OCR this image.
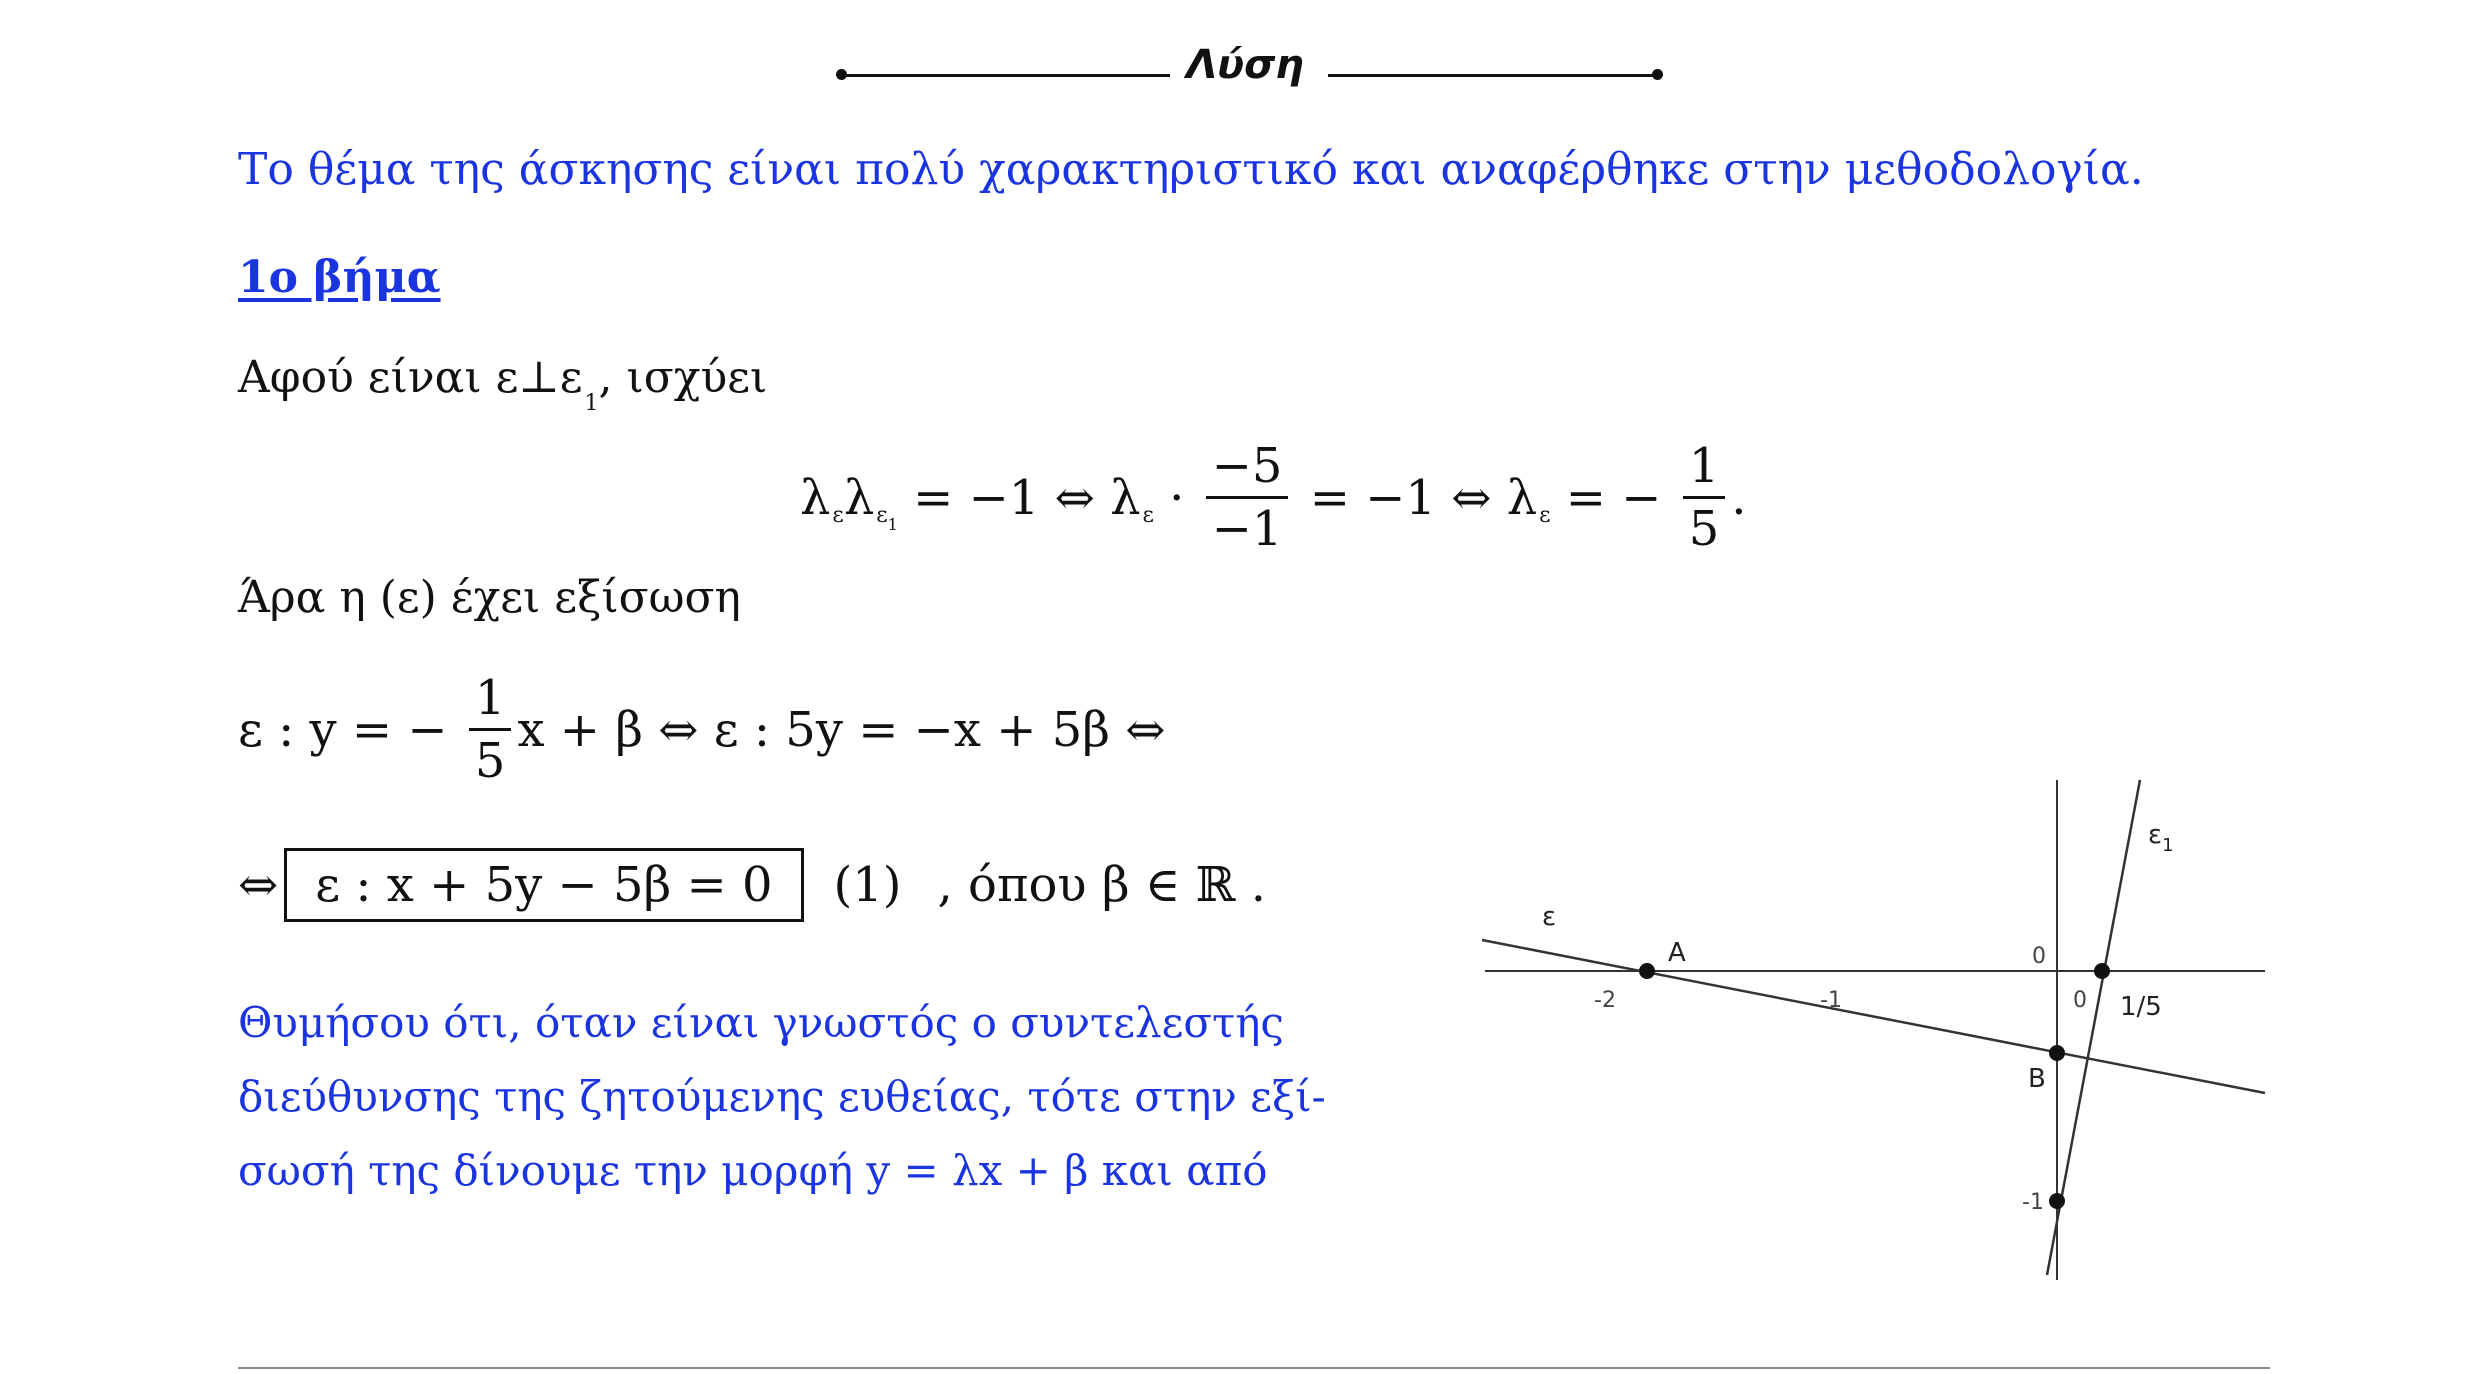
Λύση
Το θέμα της άσκησης είναι πολύ χαρακτηριστικό και αναφέρθηκε στην μεθοδολογία.
1ο βήμα
Αφού είναι $\varepsilon\perp\varepsilon_1$, ισχύει
λ ε λ $\varepsilon_1 = -1$ ⇔ λ $\varepsilon \cdot \frac{-5}{-1} = -1$ ⇔ λ ε = − $\frac{1}{5}$ .
Άρα η (ε) έχει εξίσωση
ε : y = − $\frac{1}{5}$ x + β ⇔ ε : 5y = −x + 5β ⇔
⇔ ε : x + 5y − 5β = 0	(1) , όπου β ∈ ℝ .
Θυμήσου ότι, όταν είναι γνωστός ο συντελεστής
διεύθυνσης της ζητούμενης ευθείας, τότε στην εξί-
σωσή της δίνουμε την μορφή y = λx + β και από
ε
$\varepsilon_1$
A
B
-2	-1
0
0 1/5
-1
